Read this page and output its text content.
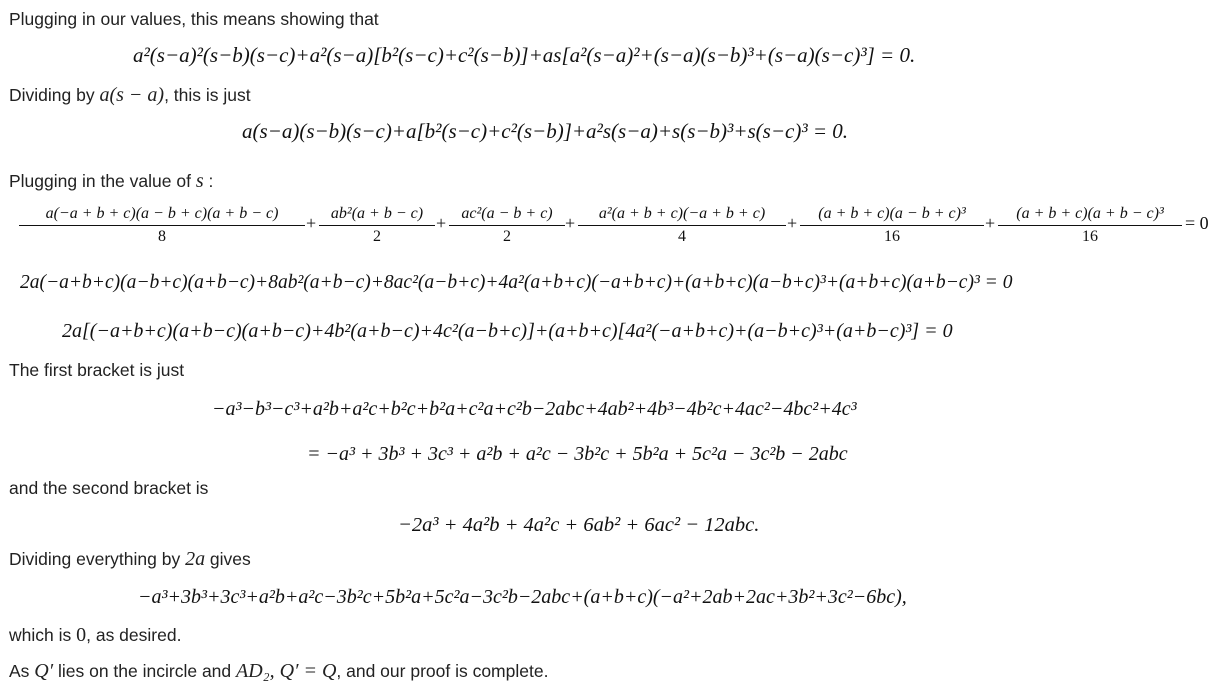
Plugging in our values, this means showing that
a²(s−a)²(s−b)(s−c)+a²(s−a)[b²(s−c)+c²(s−b)]+as[a²(s−a)²+(s−a)(s−b)³+(s−a)(s−c)³] = 0.
Dividing by a(s − a), this is just
a(s−a)(s−b)(s−c)+a[b²(s−c)+c²(s−b)]+a²s(s−a)+s(s−b)³+s(s−c)³ = 0.
Plugging in the value of s :
$\frac{a(-a + b + c)(a - b + c)(a + b - c)}{8} + \frac{\text{ab²(a + b − c)}}{2} + \frac{\text{ac²(a − b + c)}}{2} + \frac{\text{a²(a + b + c)(−a + b + c)}}{4} + \frac{\text{(a + b + c)(a − b + c)³}}{16} + \frac{\text{(a + b + c)(a + b − c)³}}{16} = 0$
2a(−a+b+c)(a−b+c)(a+b−c)+8ab²(a+b−c)+8ac²(a−b+c)+4a²(a+b+c)(−a+b+c)+(a+b+c)(a−b+c)³+(a+b+c)(a+b−c)³ = 0
2a[(−a+b+c)(a+b−c)(a+b−c)+4b²(a+b−c)+4c²(a−b+c)]+(a+b+c)[4a²(−a+b+c)+(a−b+c)³+(a+b−c)³] = 0
The first bracket is just
−a³−b³−c³+a²b+a²c+b²c+b²a+c²a+c²b−2abc+4ab²+4b³−4b²c+4ac²−4bc²+4c³
= −a³ + 3b³ + 3c³ + a²b + a²c − 3b²c + 5b²a + 5c²a − 3c²b − 2abc
and the second bracket is
−2a³ + 4a²b + 4a²c + 6ab² + 6ac² − 12abc.
Dividing everything by 2a gives
−a³+3b³+3c³+a²b+a²c−3b²c+5b²a+5c²a−3c²b−2abc+(a+b+c)(−a²+2ab+2ac+3b²+3c²−6bc),
which is 0, as desired.
As Q′ lies on the incircle and AD₂, Q′ = Q, and our proof is complete.
